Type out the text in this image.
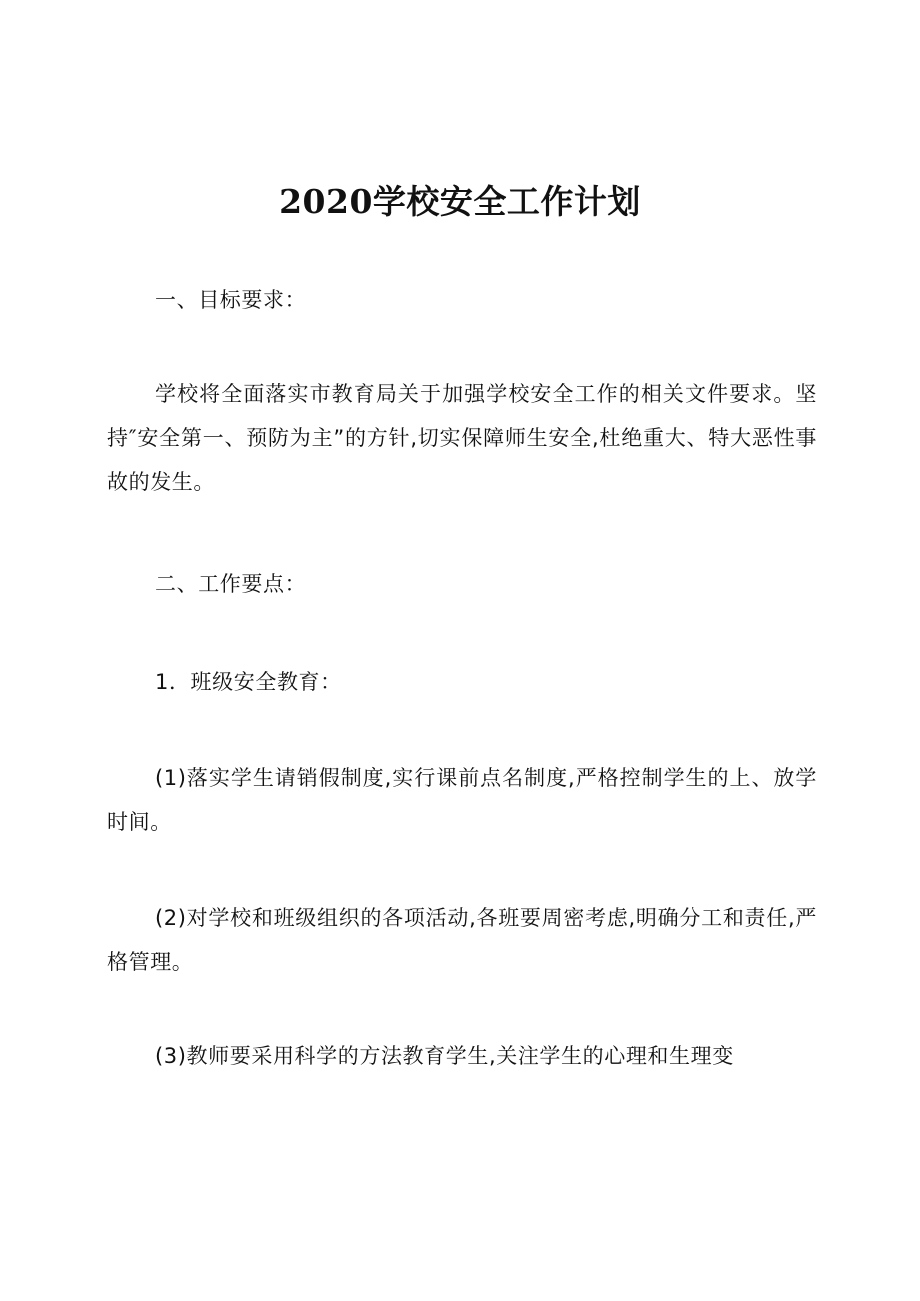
2020学校安全工作计划

一、目标要求：

学校将全面落实市教育局关于加强学校安全工作的相关文件要求。坚持″安全第一、预防为主”的方针,切实保障师生安全,杜绝重大、特大恶性事故的发生。

二、工作要点：

1．班级安全教育：

(1)落实学生请销假制度,实行课前点名制度,严格控制学生的上、放学时间。

(2)对学校和班级组织的各项活动,各班要周密考虑,明确分工和责任,严格管理。

(3)教师要采用科学的方法教育学生,关注学生的心理和生理变
